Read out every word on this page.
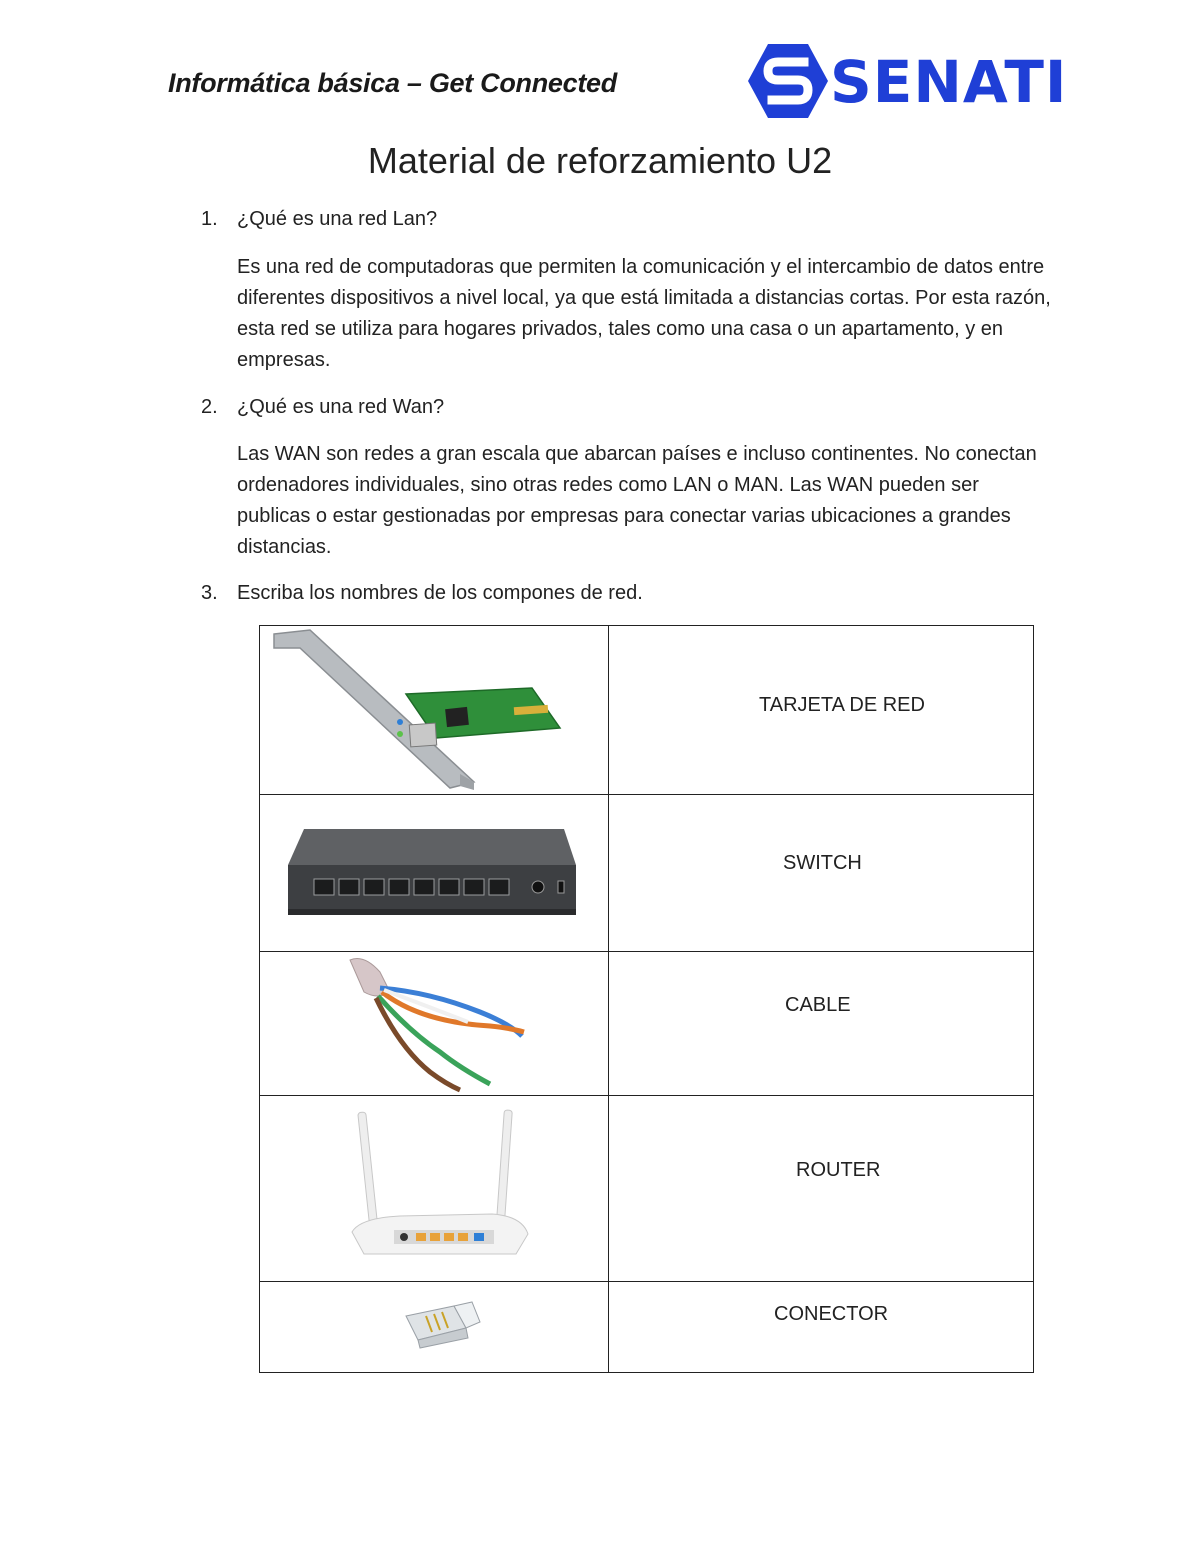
Informática básica – Get Connected	SENATI
Material de reforzamiento U2
1. ¿Qué es una red Lan?
Es una red de computadoras que permiten la comunicación y el intercambio de datos entre diferentes dispositivos a nivel local, ya que está limitada a distancias cortas. Por esta razón, esta red se utiliza para hogares privados, tales como una casa o un apartamento, y en empresas.
2. ¿Qué es una red Wan?
Las WAN son redes a gran escala que abarcan países e incluso continentes. No conectan ordenadores individuales, sino otras redes como LAN o MAN. Las WAN pueden ser publicas o estar gestionadas por empresas para conectar varias ubicaciones a grandes distancias.
3. Escriba los nombres de los compones de red.

TARJETA DE RED

SWITCH

CABLE

ROUTER

CONECTOR
